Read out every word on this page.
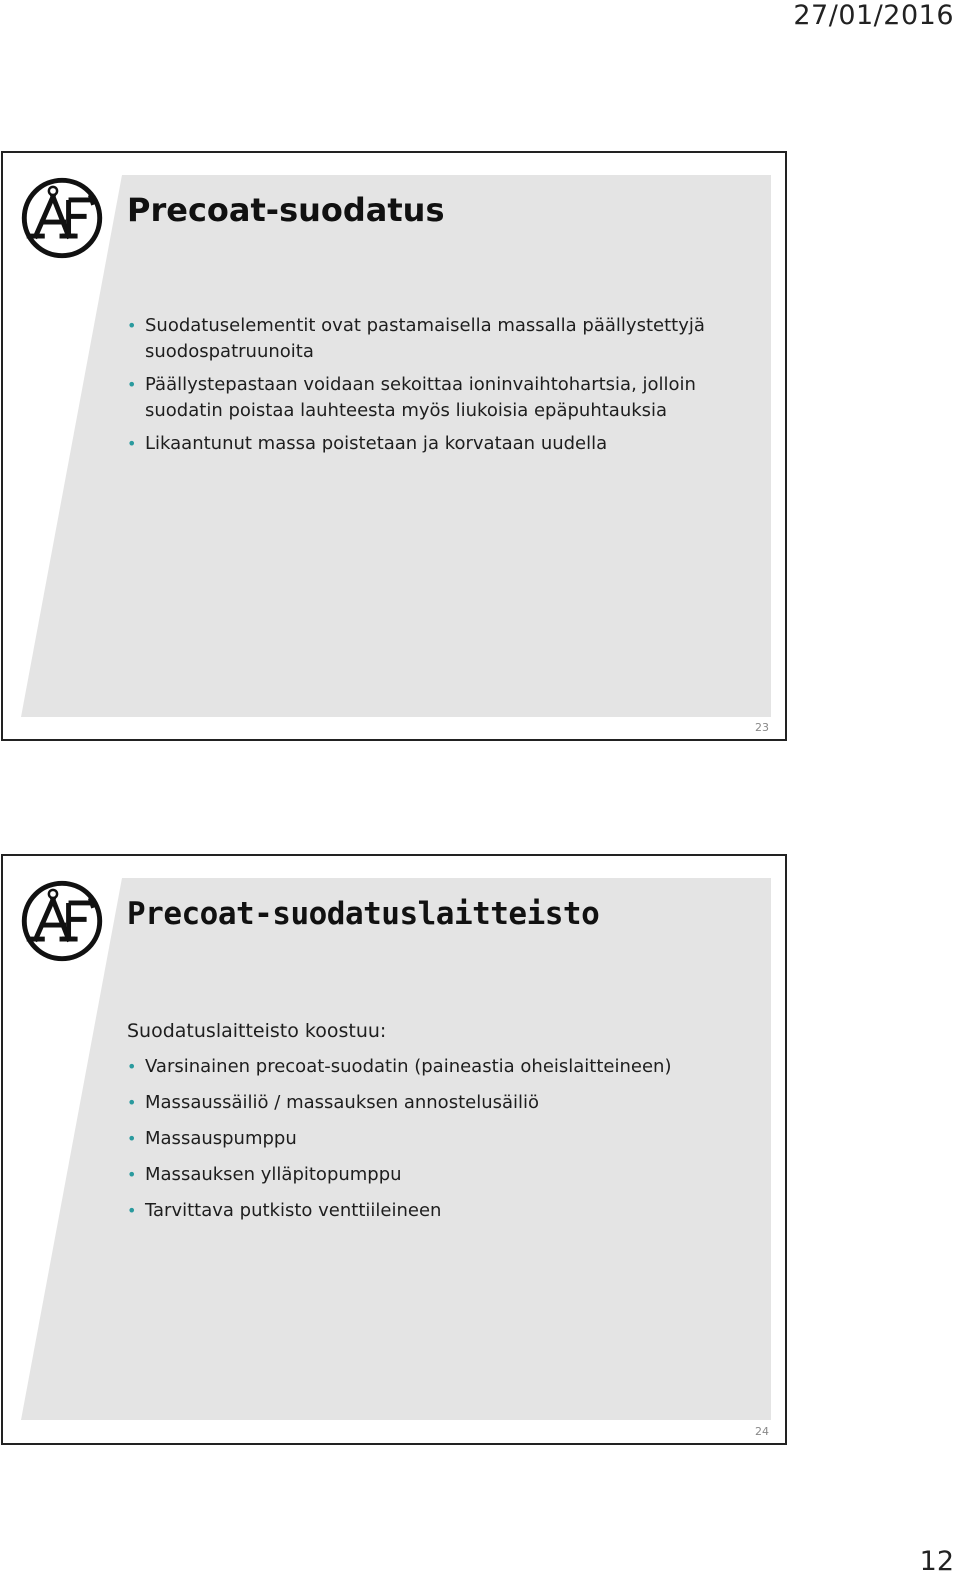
27/01/2016
Precoat-suodatus
• Suodatuselementit ovat pastamaisella massalla päällystettyjä suodospatruunoita
• Päällystepastaan voidaan sekoittaa ioninvaihtohartsia, jolloin suodatin poistaa lauhteesta myös liukoisia epäpuhtauksia
• Likaantunut massa poistetaan ja korvataan uudella
23
Precoat-suodatuslaitteisto

Suodatuslaitteisto koostuu:

• Varsinainen precoat-suodatin (paineastia oheislaitteineen)
• Massaussäiliö / massauksen annostelusäiliö
• Massauspumppu
• Massauksen ylläpitopumppu
• Tarvittava putkisto venttiileineen
24
12
